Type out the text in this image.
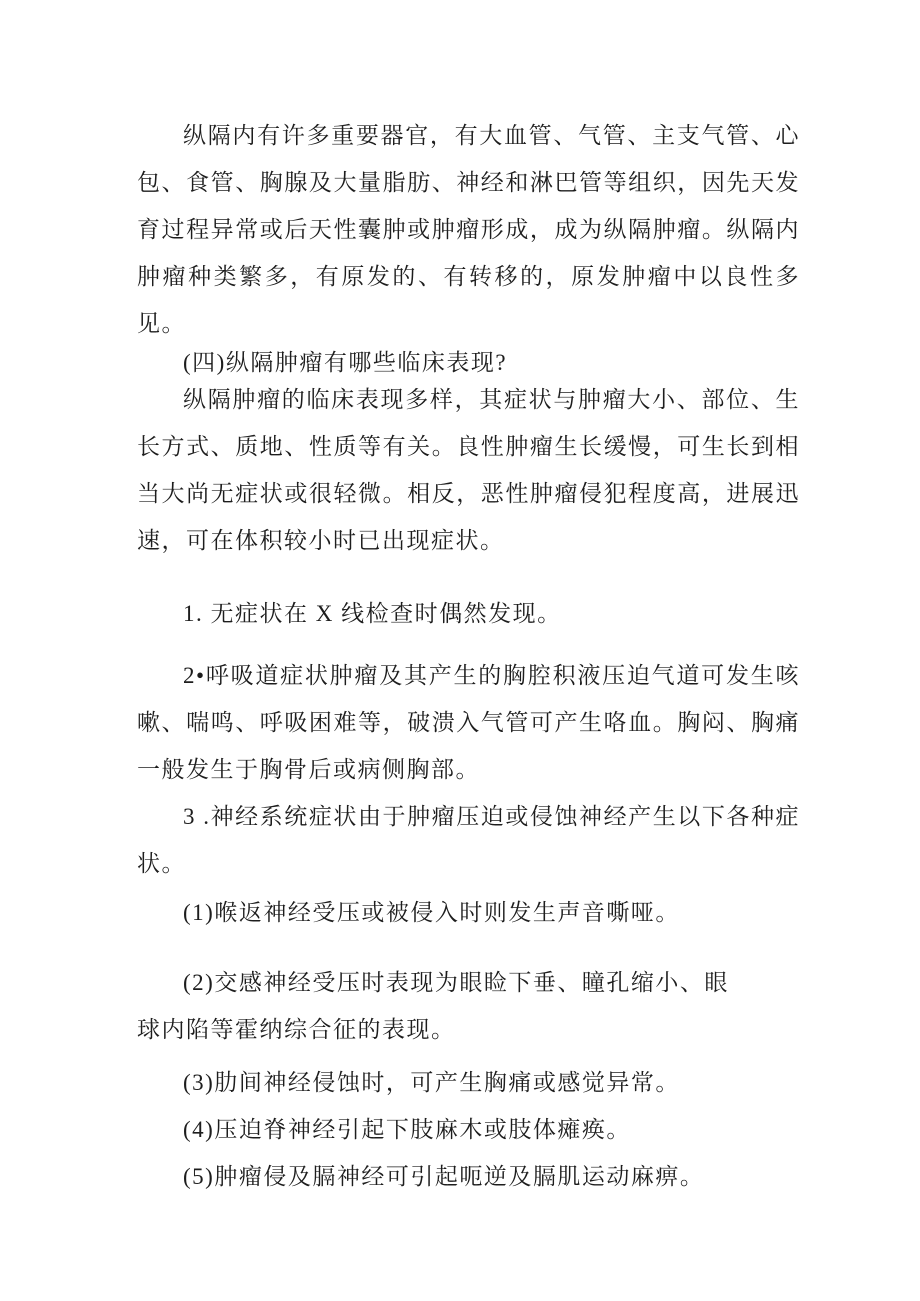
纵隔内有许多重要器官，有大血管、气管、主支气管、心包、食管、胸腺及大量脂肪、神经和淋巴管等组织，因先天发育过程异常或后天性囊肿或肿瘤形成，成为纵隔肿瘤。纵隔内肿瘤种类繁多，有原发的、有转移的，原发肿瘤中以良性多见。

(四)纵隔肿瘤有哪些临床表现?

纵隔肿瘤的临床表现多样，其症状与肿瘤大小、部位、生长方式、质地、性质等有关。良性肿瘤生长缓慢，可生长到相当大尚无症状或很轻微。相反，恶性肿瘤侵犯程度高，进展迅速，可在体积较小时已出现症状。

1. 无症状在 X 线检查时偶然发现。

2•呼吸道症状肿瘤及其产生的胸腔积液压迫气道可发生咳嗽、喘鸣、呼吸困难等，破溃入气管可产生咯血。胸闷、胸痛一般发生于胸骨后或病侧胸部。

3 .神经系统症状由于肿瘤压迫或侵蚀神经产生以下各种症状。

(1)喉返神经受压或被侵入时则发生声音嘶哑。

(2)交感神经受压时表现为眼睑下垂、瞳孔缩小、眼
球内陷等霍纳综合征的表现。

(3)肋间神经侵蚀时，可产生胸痛或感觉异常。

(4)压迫脊神经引起下肢麻木或肢体瘫痪。

(5)肿瘤侵及膈神经可引起呃逆及膈肌运动麻痹。
